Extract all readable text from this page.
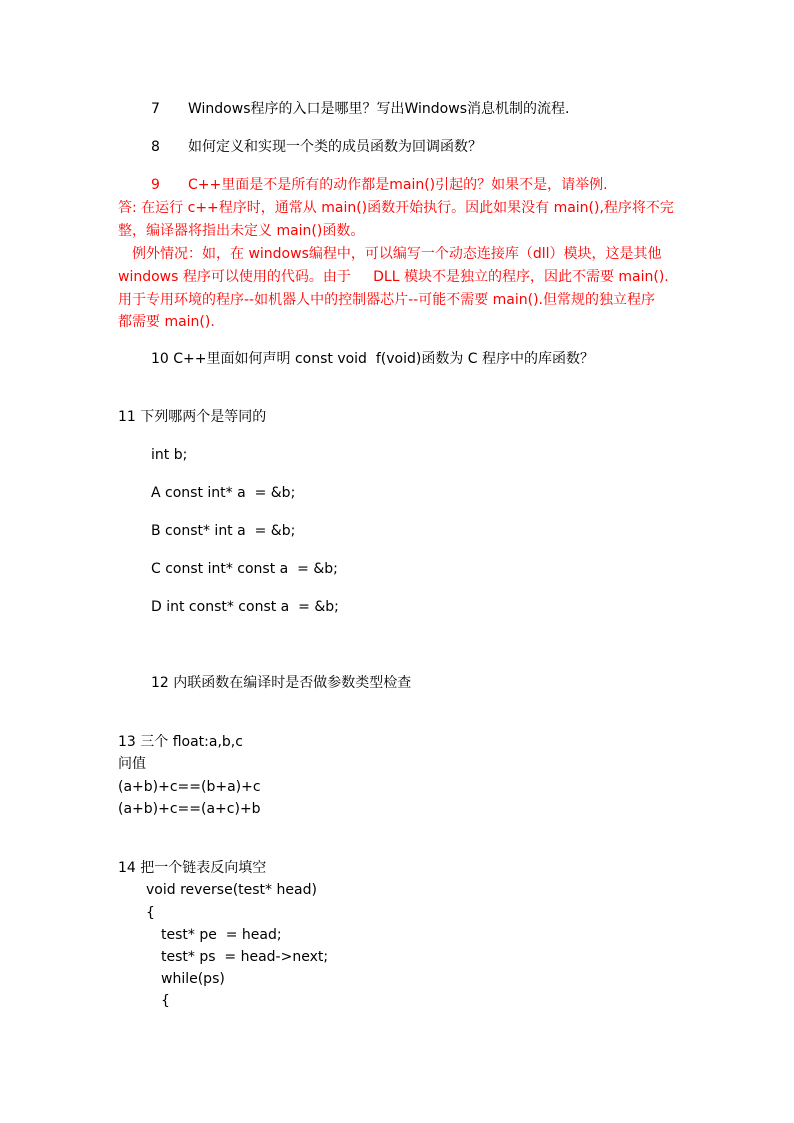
7 Windows程序的入口是哪里？写出Windows消息机制的流程.
8 如何定义和实现一个类的成员函数为回调函数？
9 C++里面是不是所有的动作都是main()引起的？如果不是，请举例.
答: 在运行 c++程序时，通常从 main()函数开始执行。因此如果没有 main(),程序将不完
整，编译器将指出未定义 main()函数。
例外情况：如，在 windows编程中，可以编写一个动态连接库（dll）模块，这是其他
windows 程序可以使用的代码。由于     DLL 模块不是独立的程序，因此不需要 main().
用于专用环境的程序--如机器人中的控制器芯片--可能不需要 main().但常规的独立程序
都需要 main().
10 C++里面如何声明 const void  f(void)函数为 C 程序中的库函数？
11 下列哪两个是等同的
int b;
A const int* a  = &b;
B const* int a  = &b;
C const int* const a  = &b;
D int const* const a  = &b;
12 内联函数在编译时是否做参数类型检查
13 三个 float:a,b,c
问值
(a+b)+c==(b+a)+c
(a+b)+c==(a+c)+b
14 把一个链表反向填空
void reverse(test* head)
{
test* pe  = head;
test* ps  = head->next;
while(ps)
{
